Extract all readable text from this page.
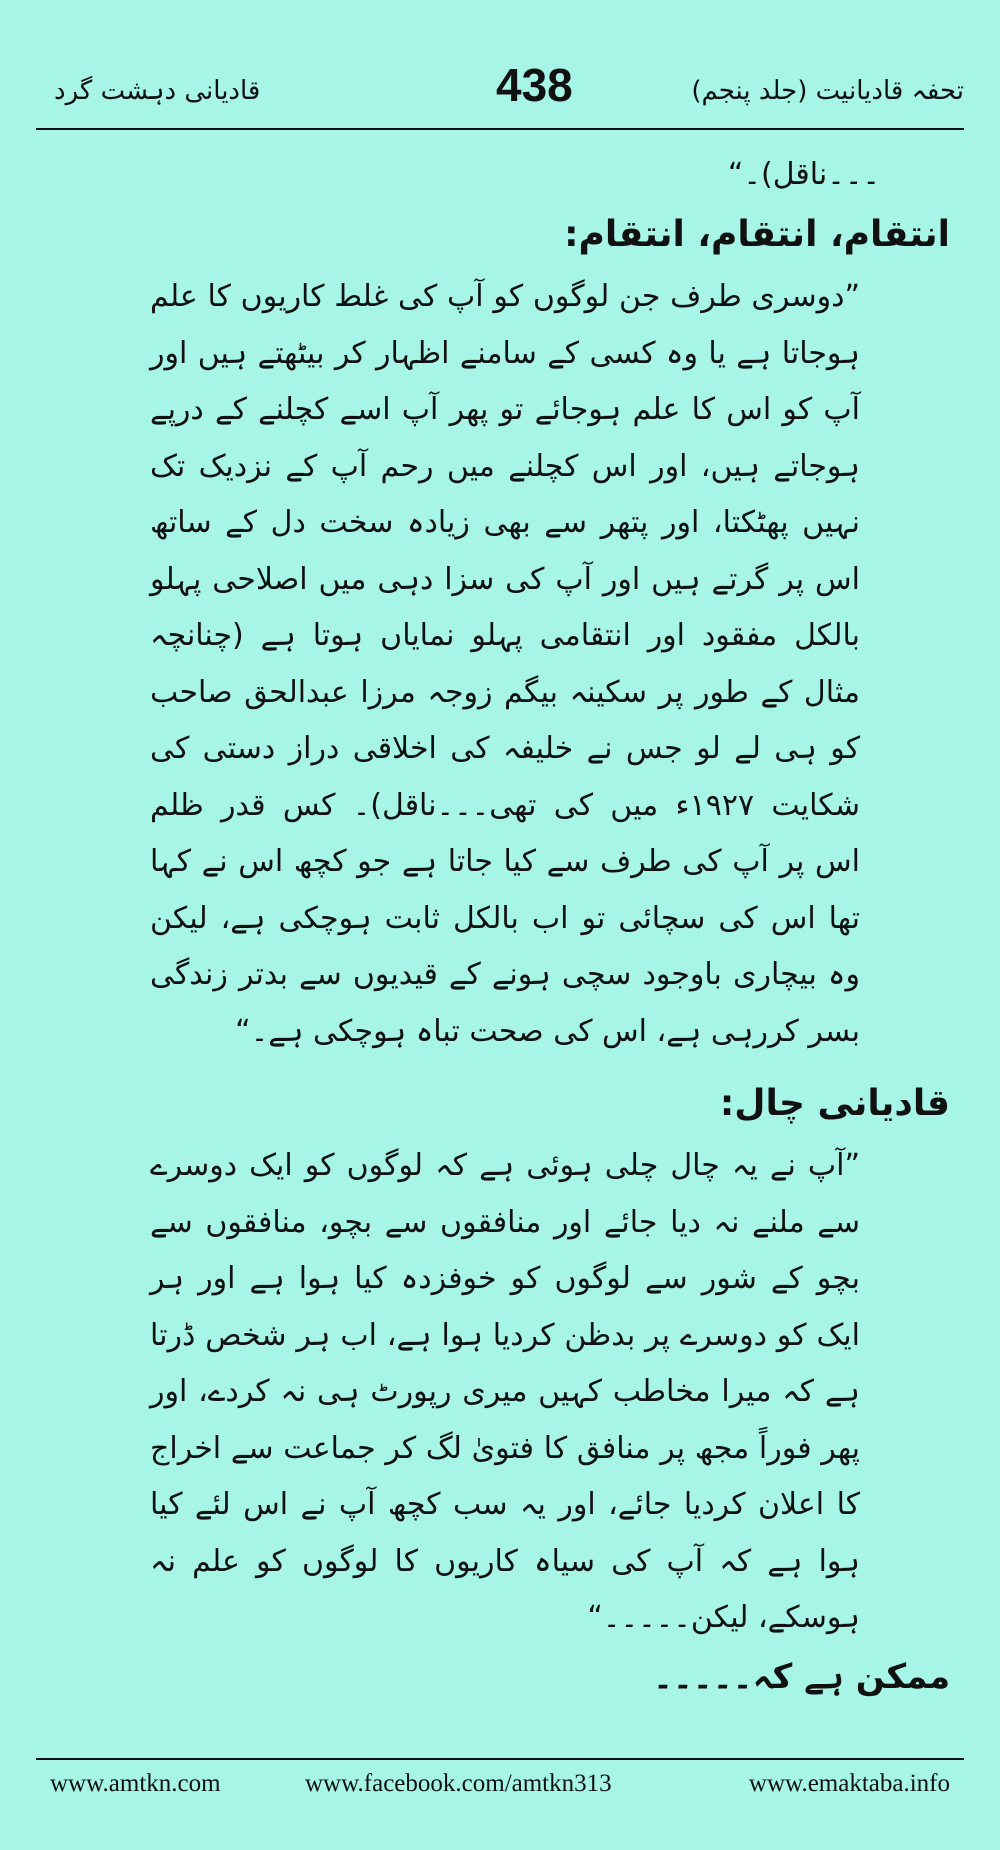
قادیانی دہشت گرد	438	تحفہ قادیانیت (جلد پنجم)

۔۔۔ناقل)۔“

انتقام، انتقام، انتقام:

”دوسری طرف جن لوگوں کو آپ کی غلط کاریوں کا علم ہوجاتا ہے یا وہ کسی کے سامنے اظہار کر بیٹھتے ہیں اور آپ کو اس کا علم ہوجائے تو پھر آپ اسے کچلنے کے درپے ہوجاتے ہیں، اور اس کچلنے میں رحم آپ کے نزدیک تک نہیں پھٹکتا، اور پتھر سے بھی زیادہ سخت دل کے ساتھ اس پر گرتے ہیں اور آپ کی سزا دہی میں اصلاحی پہلو بالکل مفقود اور انتقامی پہلو نمایاں ہوتا ہے (چنانچہ مثال کے طور پر سکینہ بیگم زوجہ مرزا عبدالحق صاحب کو ہی لے لو جس نے خلیفہ کی اخلاقی دراز دستی کی شکایت ۱۹۲۷ء میں کی تھی۔۔۔ناقل)۔ کس قدر ظلم اس پر آپ کی طرف سے کیا جاتا ہے جو کچھ اس نے کہا تھا اس کی سچائی تو اب بالکل ثابت ہوچکی ہے، لیکن وہ بیچاری باوجود سچی ہونے کے قیدیوں سے بدتر زندگی بسر کررہی ہے، اس کی صحت تباہ ہوچکی ہے۔“

قادیانی چال:

”آپ نے یہ چال چلی ہوئی ہے کہ لوگوں کو ایک دوسرے سے ملنے نہ دیا جائے اور منافقوں سے بچو، منافقوں سے بچو کے شور سے لوگوں کو خوفزدہ کیا ہوا ہے اور ہر ایک کو دوسرے پر بدظن کردیا ہوا ہے، اب ہر شخص ڈرتا ہے کہ میرا مخاطب کہیں میری رپورٹ ہی نہ کردے، اور پھر فوراً مجھ پر منافق کا فتویٰ لگ کر جماعت سے اخراج کا اعلان کردیا جائے، اور یہ سب کچھ آپ نے اس لئے کیا ہوا ہے کہ آپ کی سیاہ کاریوں کا لوگوں کو علم نہ ہوسکے، لیکن۔۔۔۔۔“

ممکن ہے کہ۔۔۔۔۔

www.amtkn.com	www.facebook.com/amtkn313	www.emaktaba.info
